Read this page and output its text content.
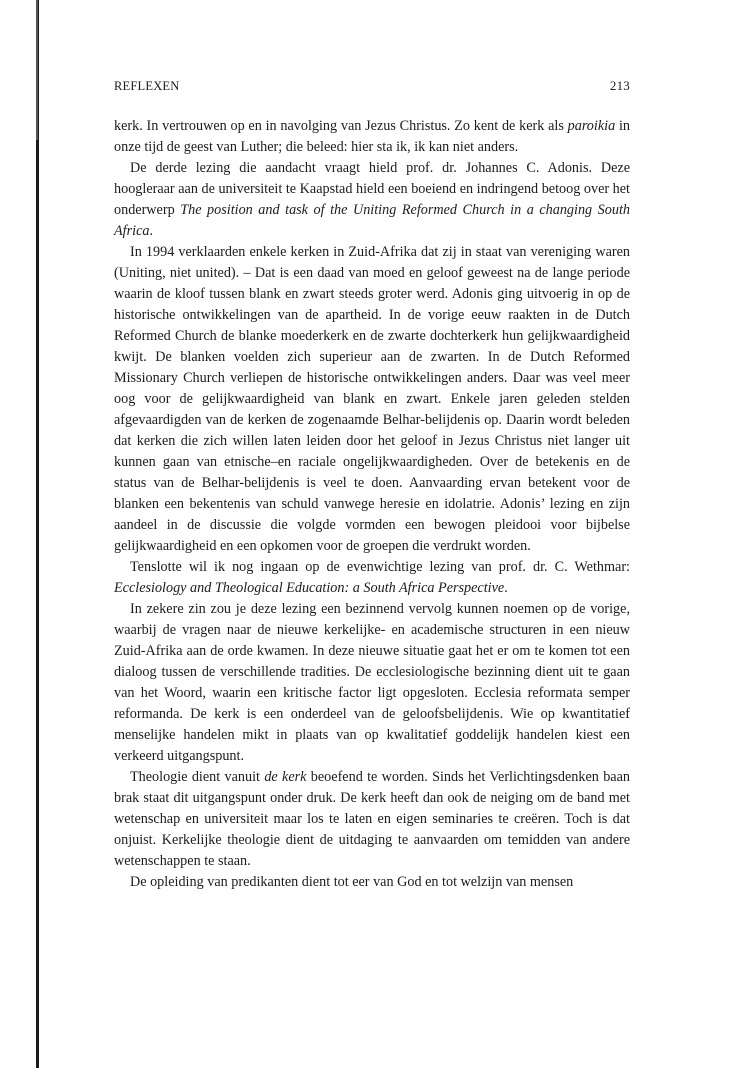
REFLEXEN	213

kerk. In vertrouwen op en in navolging van Jezus Christus. Zo kent de kerk als paroikia in onze tijd de geest van Luther; die beleed: hier sta ik, ik kan niet anders.

De derde lezing die aandacht vraagt hield prof. dr. Johannes C. Adonis. Deze hoogleraar aan de universiteit te Kaapstad hield een boeiend en indringend betoog over het onderwerp The position and task of the Uniting Reformed Church in a changing South Africa.

In 1994 verklaarden enkele kerken in Zuid-Afrika dat zij in staat van vereniging waren (Uniting, niet united). – Dat is een daad van moed en geloof geweest na de lange periode waarin de kloof tussen blank en zwart steeds groter werd. Adonis ging uitvoerig in op de historische ontwikkelingen van de apartheid. In de vorige eeuw raakten in de Dutch Reformed Church de blanke moederkerk en de zwarte dochterkerk hun gelijkwaardigheid kwijt. De blanken voelden zich superieur aan de zwarten. In de Dutch Reformed Missionary Church verliepen de historische ontwikkelingen anders. Daar was veel meer oog voor de gelijkwaardigheid van blank en zwart. Enkele jaren geleden stelden afgevaardigden van de kerken de zogenaamde Belhar-belijdenis op. Daarin wordt beleden dat kerken die zich willen laten leiden door het geloof in Jezus Christus niet langer uit kunnen gaan van etnische–en raciale ongelijkwaardigheden. Over de betekenis en de status van de Belhar-belijdenis is veel te doen. Aanvaarding ervan betekent voor de blanken een bekentenis van schuld vanwege heresie en idolatrie. Adonis’ lezing en zijn aandeel in de discussie die volgde vormden een bewogen pleidooi voor bijbelse gelijkwaardigheid en een opkomen voor de groepen die verdrukt worden.

Tenslotte wil ik nog ingaan op de evenwichtige lezing van prof. dr. C. Wethmar: Ecclesiology and Theological Education: a South Africa Perspective.

In zekere zin zou je deze lezing een bezinnend vervolg kunnen noemen op de vorige, waarbij de vragen naar de nieuwe kerkelijke- en academische structuren in een nieuw Zuid-Afrika aan de orde kwamen. In deze nieuwe situatie gaat het er om te komen tot een dialoog tussen de verschillende tradities. De ecclesiologische bezinning dient uit te gaan van het Woord, waarin een kritische factor ligt opgesloten. Ecclesia reformata semper reformanda. De kerk is een onderdeel van de geloofsbelijdenis. Wie op kwantitatief menselijke handelen mikt in plaats van op kwalitatief goddelijk handelen kiest een verkeerd uitgangspunt.

Theologie dient vanuit de kerk beoefend te worden. Sinds het Verlichtingsdenken baan brak staat dit uitgangspunt onder druk. De kerk heeft dan ook de neiging om de band met wetenschap en universiteit maar los te laten en eigen seminaries te creëren. Toch is dat onjuist. Kerkelijke theologie dient de uitdaging te aanvaarden om temidden van andere wetenschappen te staan.

De opleiding van predikanten dient tot eer van God en tot welzijn van mensen
